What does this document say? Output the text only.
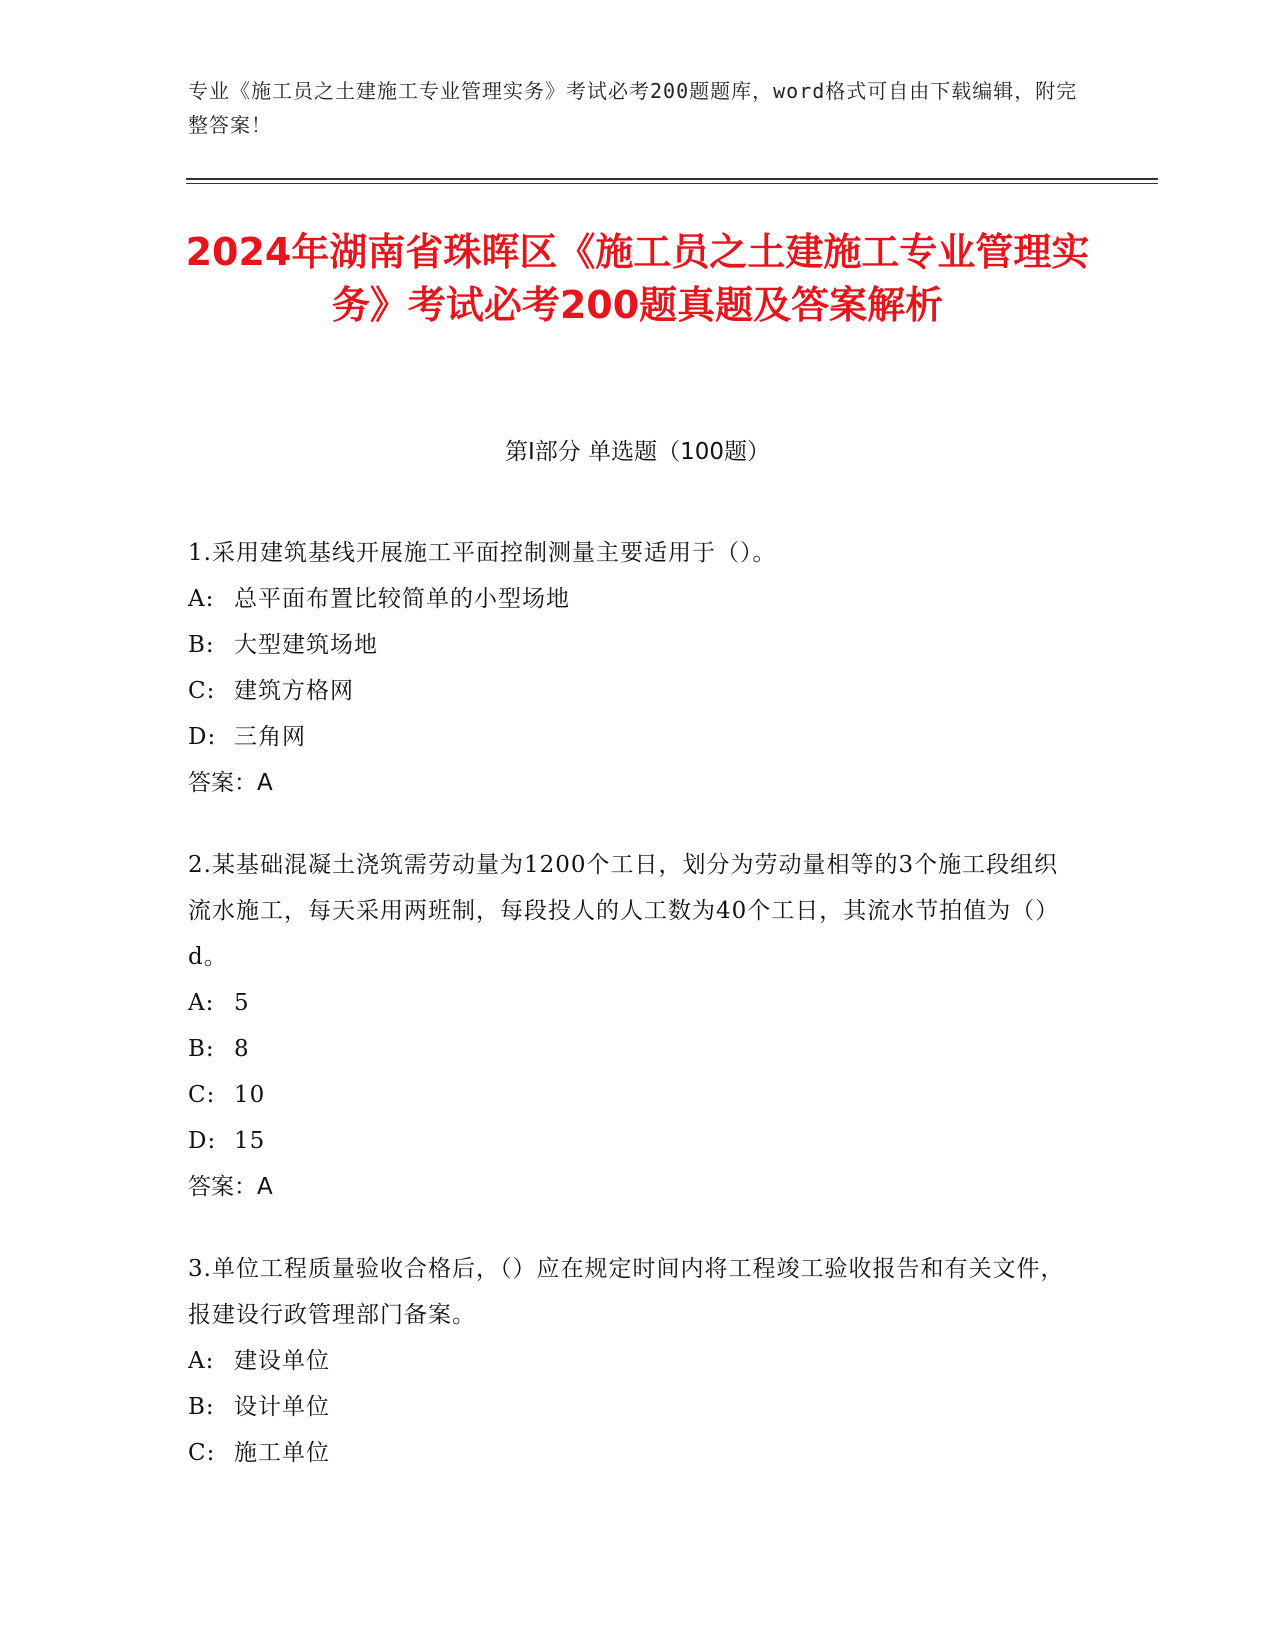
专业《施工员之土建施工专业管理实务》考试必考200题题库，word格式可自由下载编辑，附完整答案！
2024年湖南省珠晖区《施工员之土建施工专业管理实务》考试必考200题真题及答案解析
第Ⅰ部分 单选题（100题）

1.采用建筑基线开展施工平面控制测量主要适用于（）。

A: 总平面布置比较简单的小型场地

B: 大型建筑场地

C: 建筑方格网

D: 三角网

答案：A

2.某基础混凝土浇筑需劳动量为1200个工日，划分为劳动量相等的3个施工段组织流水施工，每天采用两班制，每段投人的人工数为40个工日，其流水节拍值为（）d。

A: 5

B: 8

C: 10

D: 15

答案：A

3.单位工程质量验收合格后，（）应在规定时间内将工程竣工验收报告和有关文件，报建设行政管理部门备案。

A: 建设单位

B: 设计单位

C: 施工单位
